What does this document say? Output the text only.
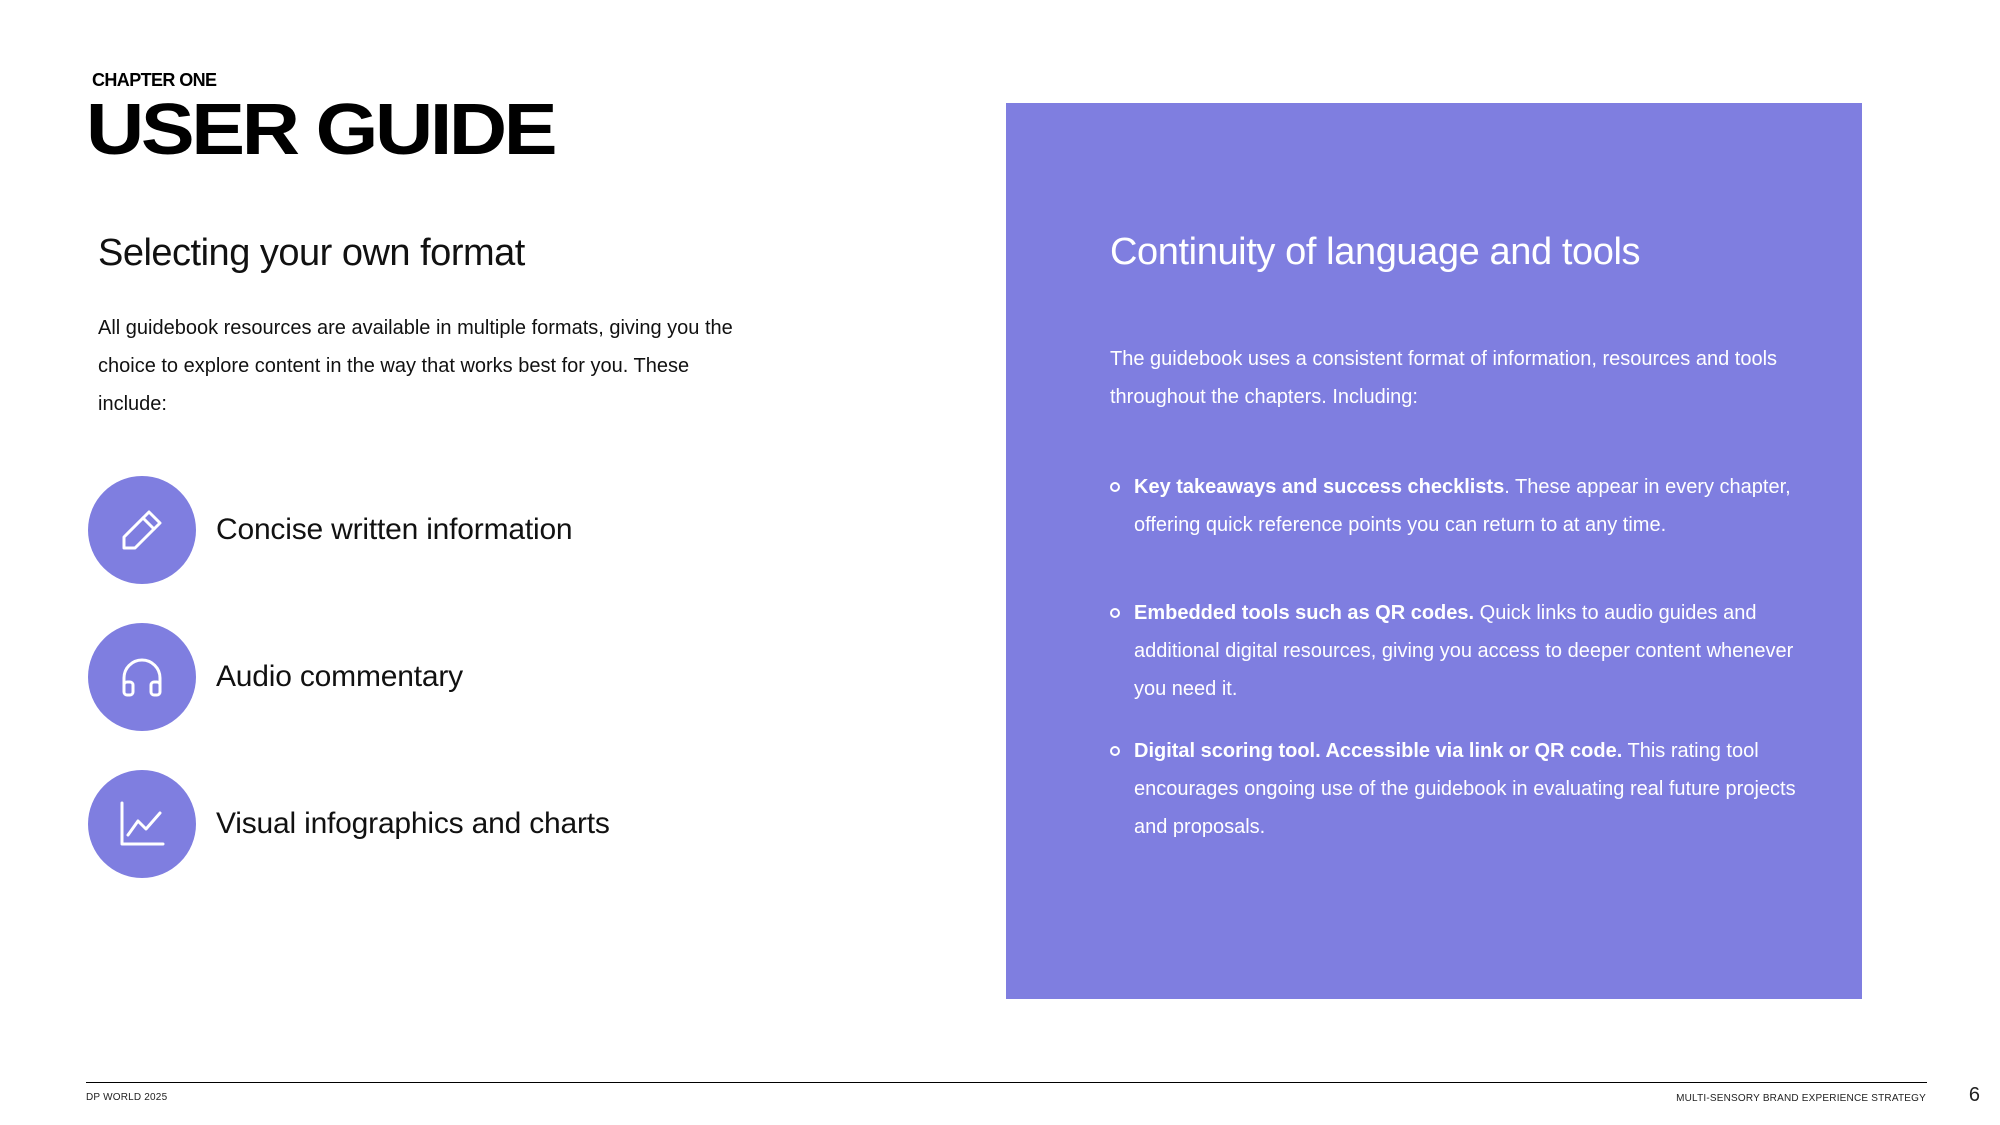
CHAPTER ONE
USER GUIDE
Selecting your own format
All guidebook resources are available in multiple formats, giving you the choice to explore content in the way that works best for you. These include:
Concise written information
Audio commentary
Visual infographics and charts
Continuity of language and tools
The guidebook uses a consistent format of information, resources and tools throughout the chapters. Including:
Key takeaways and success checklists. These appear in every chapter, offering quick reference points you can return to at any time.
Embedded tools such as QR codes. Quick links to audio guides and additional digital resources, giving you access to deeper content whenever you need it.
Digital scoring tool. Accessible via link or QR code. This rating tool encourages ongoing use of the guidebook in evaluating real future projects and proposals.
DP WORLD 2025	MULTI-SENSORY BRAND EXPERIENCE STRATEGY 6
